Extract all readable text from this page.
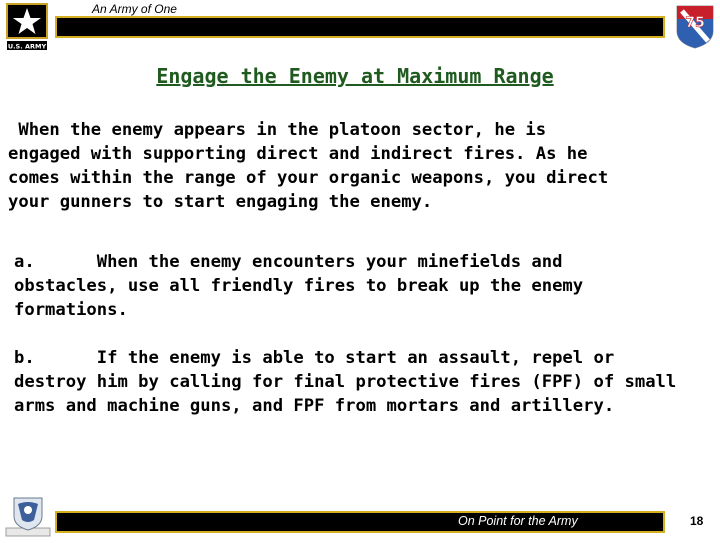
U.S. ARMY
An Army of One
75
Engage the Enemy at Maximum Range
When the enemy appears in the platoon sector, he is
engaged with supporting direct and indirect fires. As he
comes within the range of your organic weapons, you direct
your gunners to start engaging the enemy.
a.      When the enemy encounters your minefields and
obstacles, use all friendly fires to break up the enemy
formations.
b.      If the enemy is able to start an assault, repel or
destroy him by calling for final protective fires (FPF) of small
arms and machine guns, and FPF from mortars and artillery.
On Point for the Army	18
